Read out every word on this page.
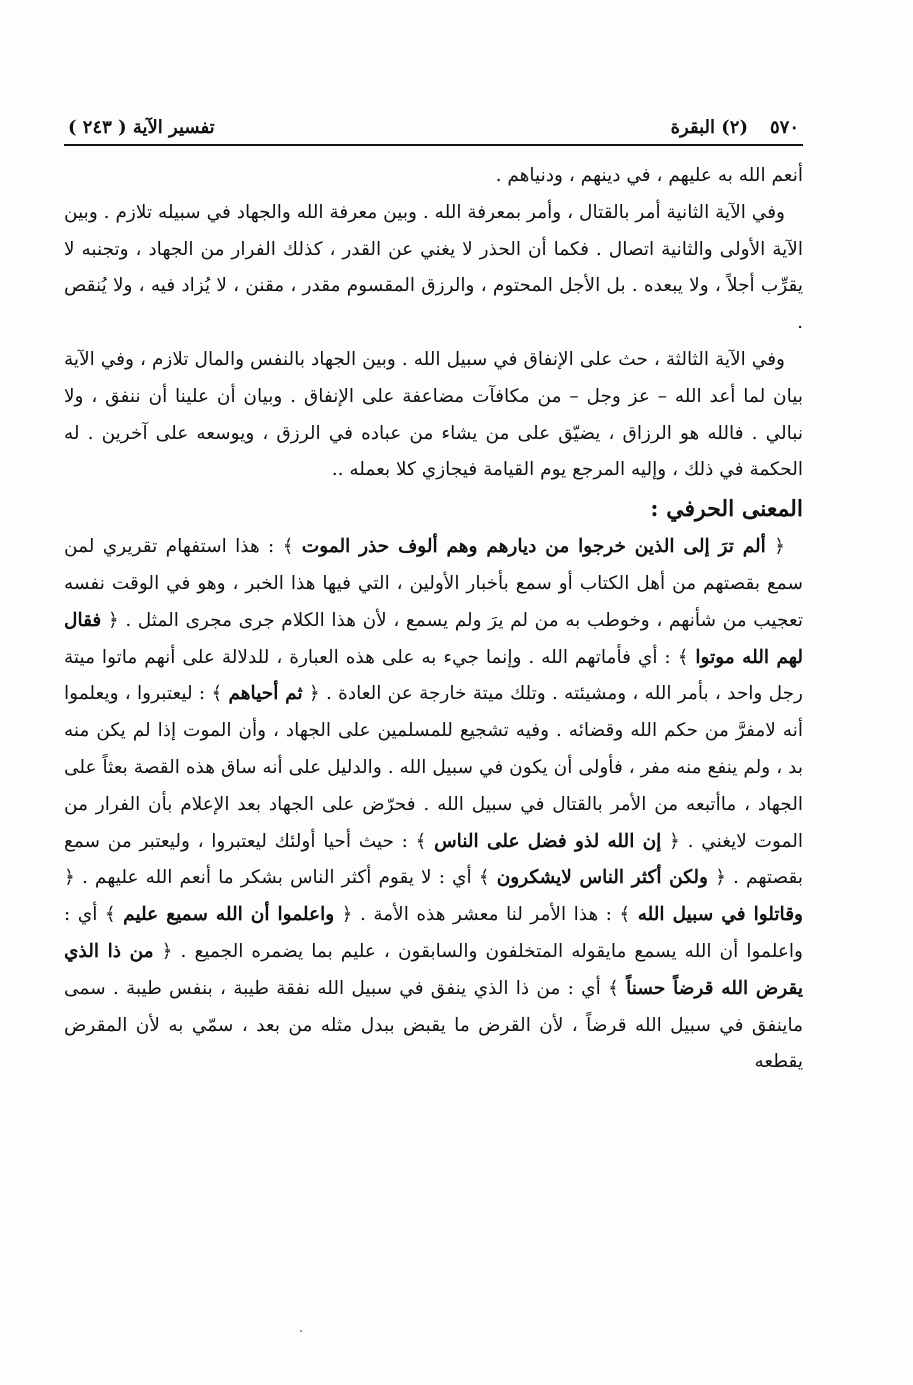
٥٧٠
(٢) البقرة
تفسير الآية ( ٢٤٣ )

أنعم الله به عليهم ، في دينهم ، ودنياهم .

وفي الآية الثانية أمر بالقتال ، وأمر بمعرفة الله . وبين معرفة الله والجهاد في سبيله تلازم . وبين الآية الأولى والثانية اتصال . فكما أن الحذر لا يغني عن القدر ، كذلك الفرار من الجهاد ، وتجنبه لا يقرِّب أجلاً ، ولا يبعده . بل الأجل المحتوم ، والرزق المقسوم مقدر ، مقنن ، لا يُزاد فيه ، ولا يُنقص .

وفي الآية الثالثة ، حث على الإنفاق في سبيل الله . وبين الجهاد بالنفس والمال تلازم ، وفي الآية بيان لما أعد الله – عز وجل – من مكافآت مضاعفة على الإنفاق . وبيان أن علينا أن ننفق ، ولا نبالي . فالله هو الرزاق ، يضيّق على من يشاء من عباده في الرزق ، ويوسعه على آخرين . له الحكمة في ذلك ، وإليه المرجع يوم القيامة فيجازي كلا بعمله ..

المعنى الحرفي :

﴿ ألم ترَ إلى الذين خرجوا من ديارهم وهم ألوف حذر الموت ﴾ : هذا استفهام تقريري لمن سمع بقصتهم من أهل الكتاب أو سمع بأخبار الأولين ، التي فيها هذا الخبر ، وهو في الوقت نفسه تعجيب من شأنهم ، وخوطب به من لم يرَ ولم يسمع ، لأن هذا الكلام جرى مجرى المثل . ﴿ فقال لهم الله موتوا ﴾ : أي فأماتهم الله . وإنما جيء به على هذه العبارة ، للدلالة على أنهم ماتوا ميتة رجل واحد ، بأمر الله ، ومشيئته . وتلك ميتة خارجة عن العادة . ﴿ ثم أحياهم ﴾ : ليعتبروا ، ويعلموا أنه لامفرَّ من حكم الله وقضائه . وفيه تشجيع للمسلمين على الجهاد ، وأن الموت إذا لم يكن منه بد ، ولم ينفع منه مفر ، فأولى أن يكون في سبيل الله . والدليل على أنه ساق هذه القصة بعثاً على الجهاد ، ماأتبعه من الأمر بالقتال في سبيل الله . فحرّض على الجهاد بعد الإعلام بأن الفرار من الموت لايغني . ﴿ إن الله لذو فضل على الناس ﴾ : حيث أحيا أولئك ليعتبروا ، وليعتبر من سمع بقصتهم . ﴿ ولكن أكثر الناس لايشكرون ﴾ أي : لا يقوم أكثر الناس بشكر ما أنعم الله عليهم . ﴿ وقاتلوا في سبيل الله ﴾ : هذا الأمر لنا معشر هذه الأمة . ﴿ واعلموا أن الله سميع عليم ﴾ أي : واعلموا أن الله يسمع مايقوله المتخلفون والسابقون ، عليم بما يضمره الجميع . ﴿ من ذا الذي يقرض الله قرضاً حسناً ﴾ أي : من ذا الذي ينفق في سبيل الله نفقة طيبة ، بنفس طيبة . سمى ماينفق في سبيل الله قرضاً ، لأن القرض ما يقبض ببدل مثله من بعد ، سمّي به لأن المقرض يقطعه
